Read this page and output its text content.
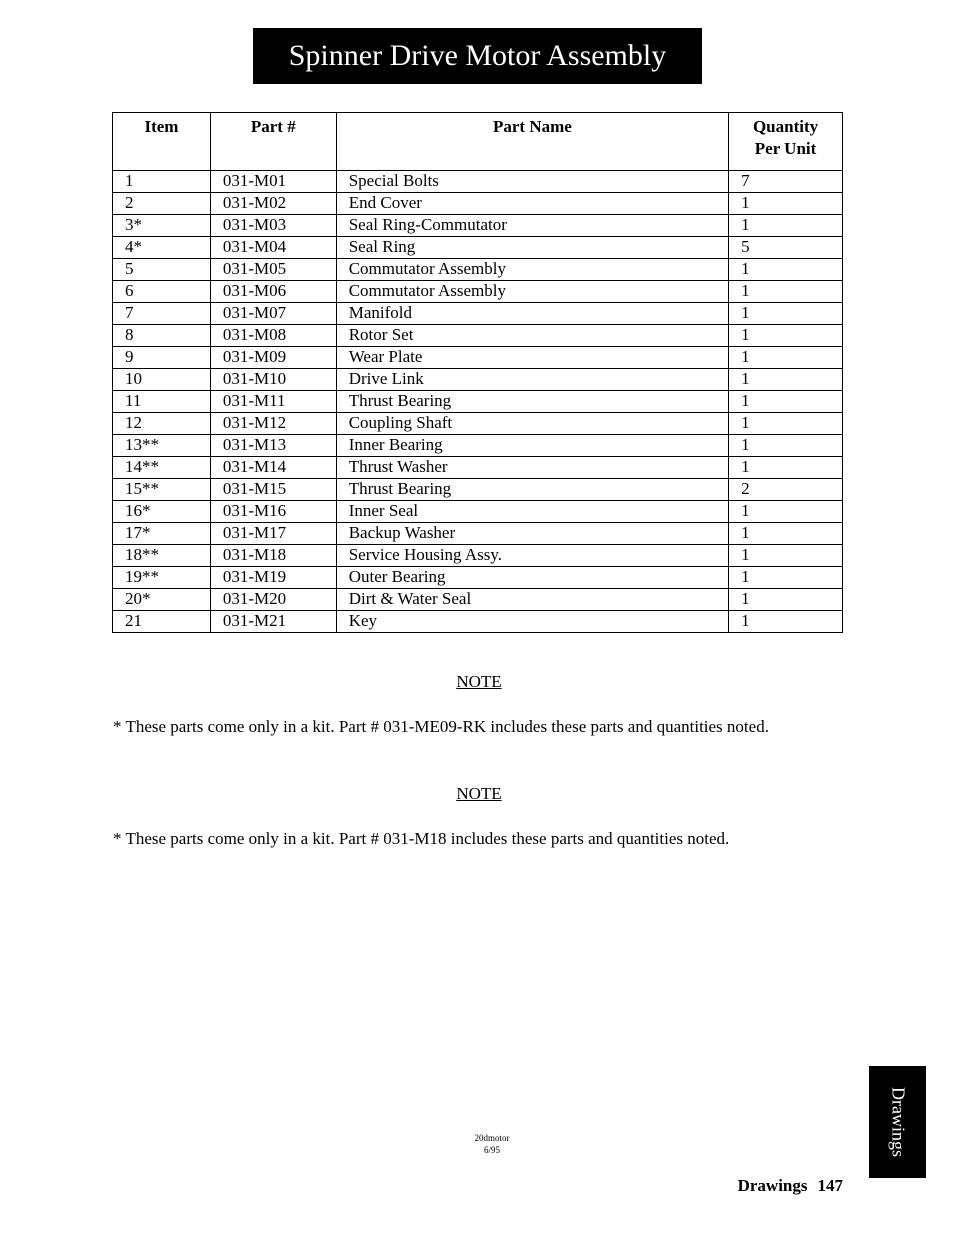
Spinner Drive Motor Assembly
Item	Part #	Part Name	Quantity
Per Unit
1	031-M01	Special Bolts	7
2	031-M02	End Cover	1
3*	031-M03	Seal Ring-Commutator	1
4*	031-M04	Seal Ring	5
5	031-M05	Commutator Assembly	1
6	031-M06	Commutator Assembly	1
7	031-M07	Manifold	1
8	031-M08	Rotor Set	1
9	031-M09	Wear Plate	1
10	031-M10	Drive Link	1
11	031-M11	Thrust Bearing	1
12	031-M12	Coupling Shaft	1
13**	031-M13	Inner Bearing	1
14**	031-M14	Thrust Washer	1
15**	031-M15	Thrust Bearing	2
16*	031-M16	Inner Seal	1
17*	031-M17	Backup Washer	1
18**	031-M18	Service Housing Assy.	1
19**	031-M19	Outer Bearing	1
20*	031-M20	Dirt & Water Seal	1
21	031-M21	Key	1
NOTE
* These parts come only in a kit. Part # 031-ME09-RK includes these parts and quantities noted.
NOTE
* These parts come only in a kit. Part # 031-M18 includes these parts and quantities noted.
20dmotor
6/95	Drawings
Drawings 147
